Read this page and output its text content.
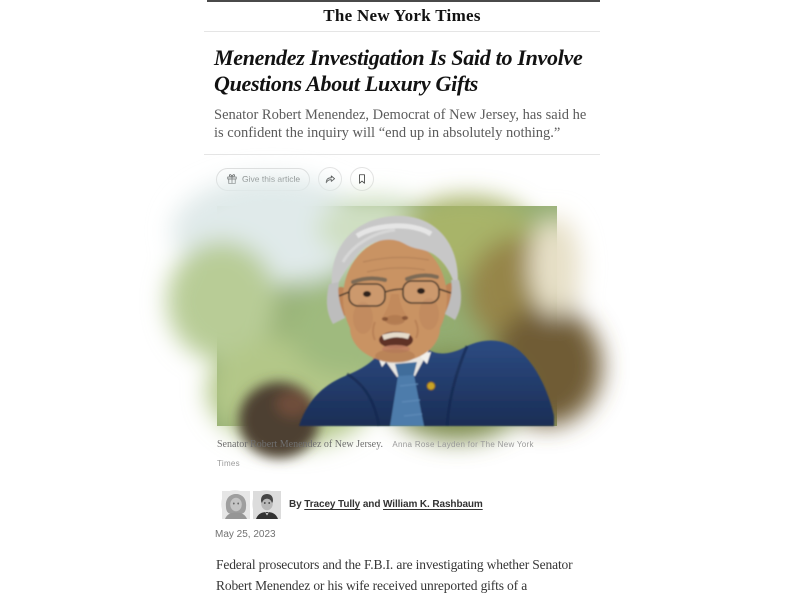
The New York Times
Menendez Investigation Is Said to Involve Questions About Luxury Gifts

Senator Robert Menendez, Democrat of New Jersey, has said he is confident the inquiry will “end up in absolutely nothing.”

Senator Robert Menendez of New Jersey. Anna Rose Layden for The New York Times
By Tracey Tully and William K. Rashbaum
May 25, 2023

Federal prosecutors and the F.B.I. are investigating whether Senator Robert Menendez or his wife received unreported gifts of a
